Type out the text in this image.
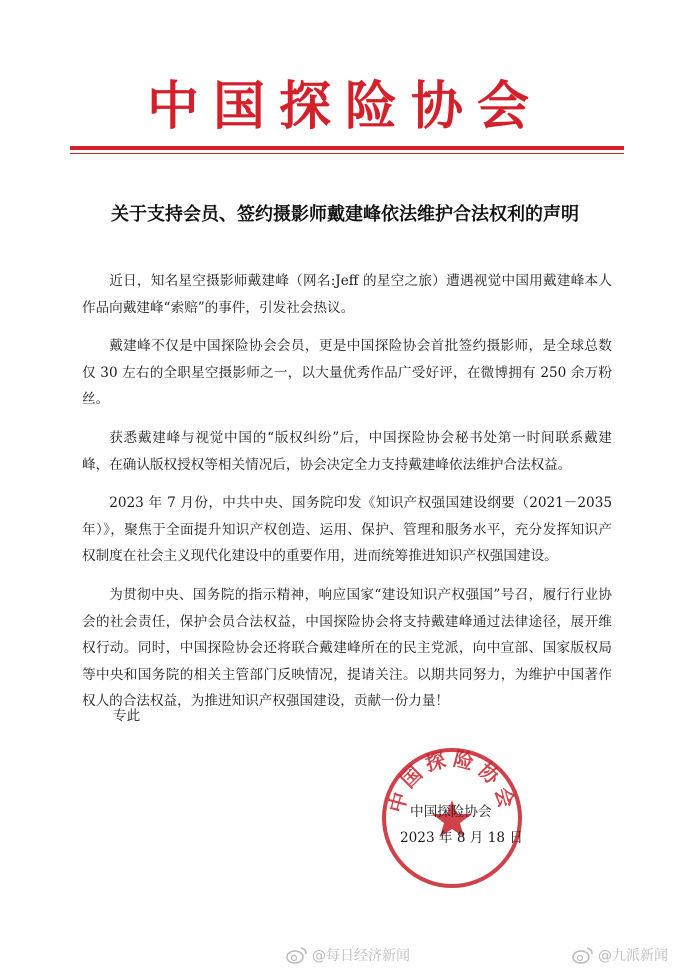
中国探险协会
关于支持会员、签约摄影师戴建峰依法维护合法权利的声明

近日，知名星空摄影师戴建峰（网名:Jeff 的星空之旅）遭遇视觉中国用戴建峰本人作品向戴建峰“索赔”的事件，引发社会热议。

戴建峰不仅是中国探险协会会员，更是中国探险协会首批签约摄影师，是全球总数仅 30 左右的全职星空摄影师之一，以大量优秀作品广受好评，在微博拥有 250 余万粉丝。

获悉戴建峰与视觉中国的“版权纠纷”后，中国探险协会秘书处第一时间联系戴建峰，在确认版权授权等相关情况后，协会决定全力支持戴建峰依法维护合法权益。

2023 年 7 月份，中共中央、国务院印发《知识产权强国建设纲要（2021－2035年）》，聚焦于全面提升知识产权创造、运用、保护、管理和服务水平，充分发挥知识产权制度在社会主义现代化建设中的重要作用，进而统筹推进知识产权强国建设。

为贯彻中央、国务院的指示精神，响应国家“建设知识产权强国”号召，履行行业协会的社会责任，保护会员合法权益，中国探险协会将支持戴建峰通过法律途径，展开维权行动。同时，中国探险协会还将联合戴建峰所在的民主党派，向中宣部、国家版权局等中央和国务院的相关主管部门反映情况，提请关注。以期共同努力，为维护中国著作权人的合法权益，为推进知识产权强国建设，贡献一份力量！

专此
中国探险协会
中国探险协会
2023 年 8 月 18 日
@每日经济新闻	@九派新闻
